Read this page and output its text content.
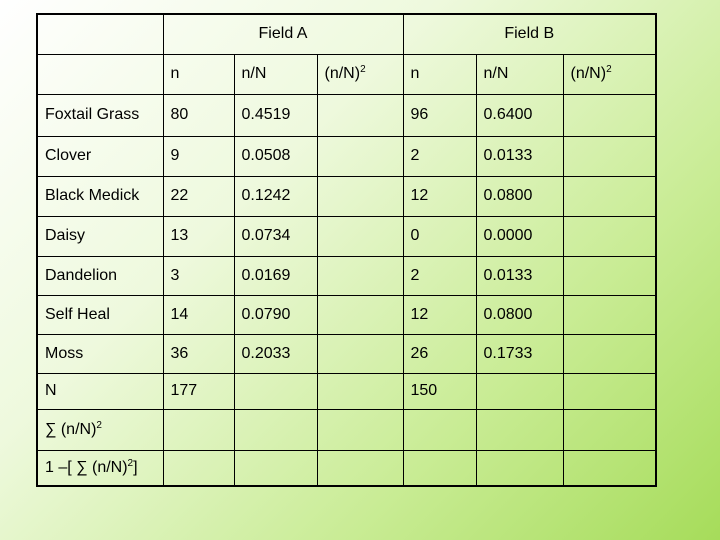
	Field A			Field B		
	n	n/N	$(n/N)^2$	n	n/N	$(n/N)^2$
Foxtail Grass	80	0.4519		96	0.6400	
Clover	9	0.0508		2	0.0133	
Black Medick	22	0.1242		12	0.0800	
Daisy	13	0.0734		0	0.0000	
Dandelion	3	0.0169		2	0.0133	
Self Heal	14	0.0790		12	0.0800	
Moss	36	0.2033		26	0.1733	
N	177			150		
∑ $(n/N)^2$						
1 –[ ∑ $(n/N)^2$]						
